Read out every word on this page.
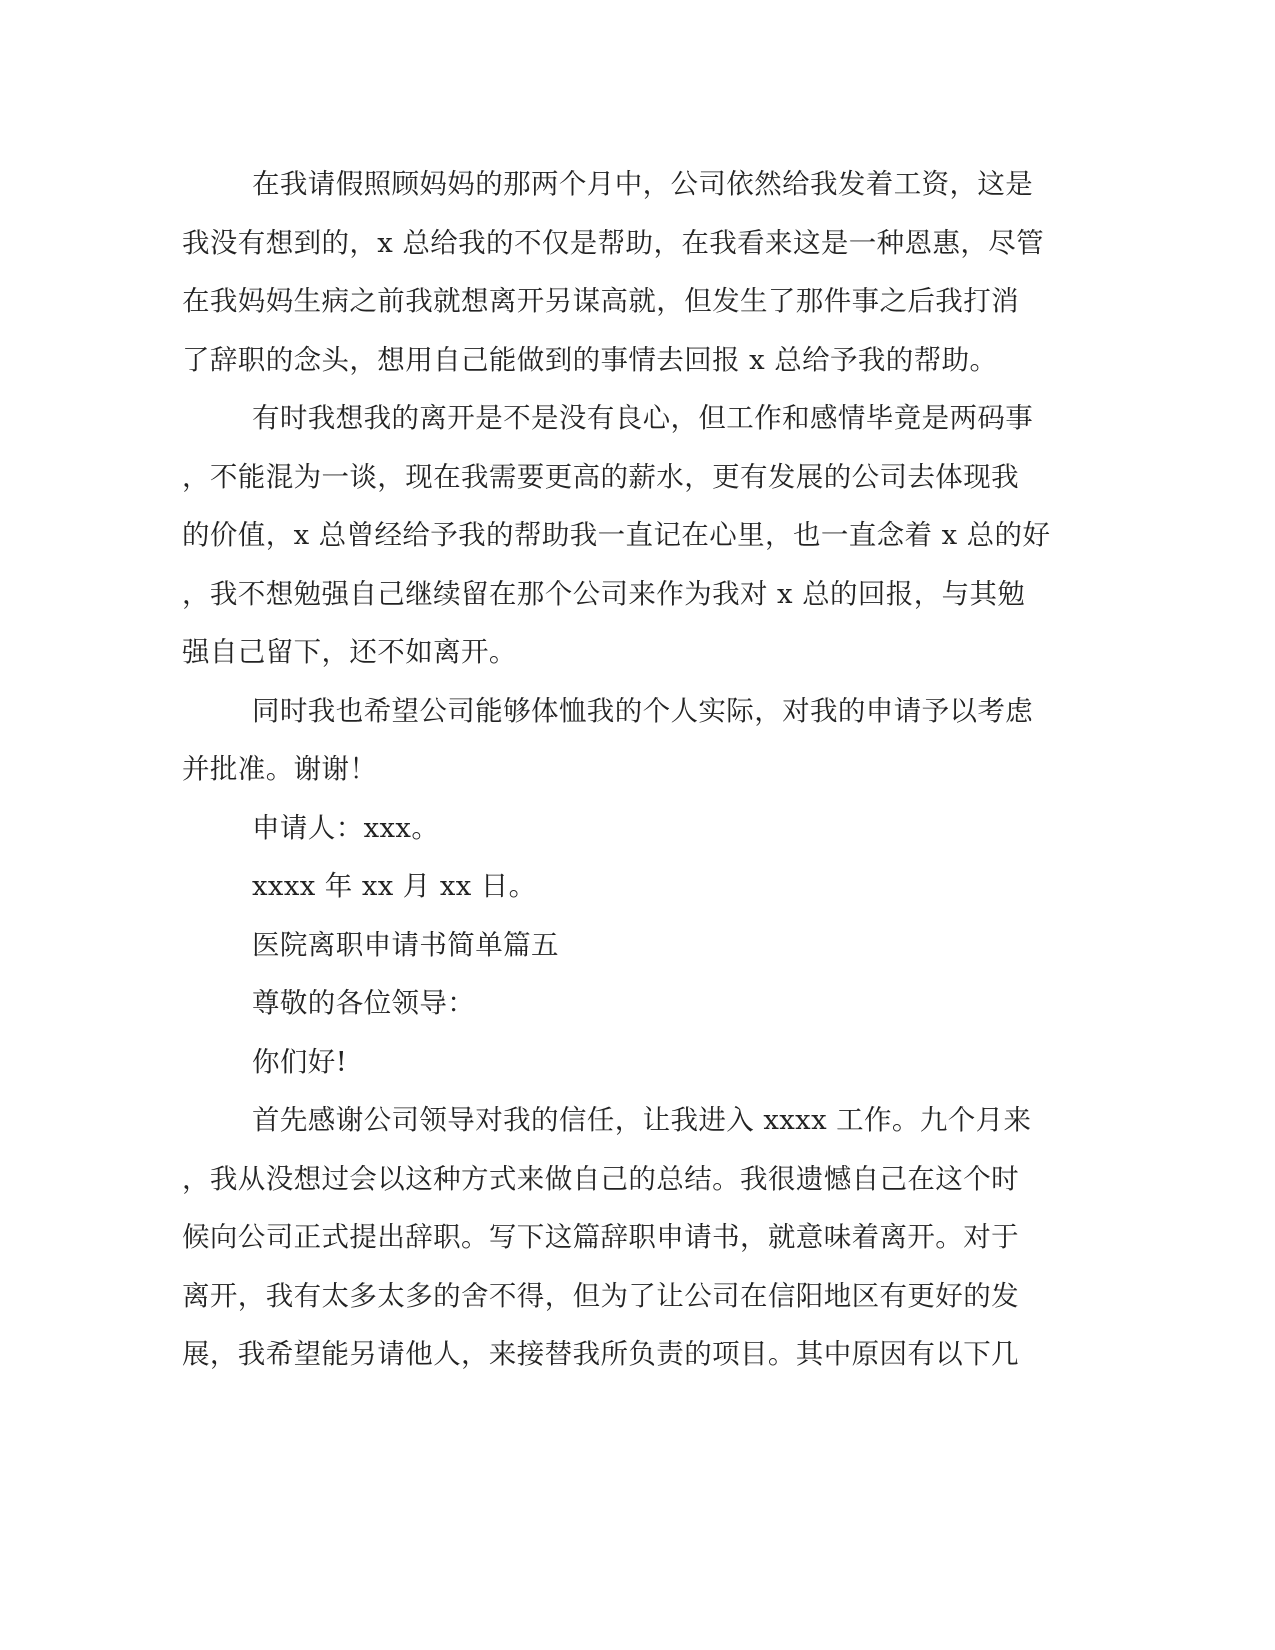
在我请假照顾妈妈的那两个月中，公司依然给我发着工资，这是
我没有想到的，x 总给我的不仅是帮助，在我看来这是一种恩惠，尽管
在我妈妈生病之前我就想离开另谋高就，但发生了那件事之后我打消
了辞职的念头，想用自己能做到的事情去回报 x 总给予我的帮助。
有时我想我的离开是不是没有良心，但工作和感情毕竟是两码事
，不能混为一谈，现在我需要更高的薪水，更有发展的公司去体现我
的价值，x 总曾经给予我的帮助我一直记在心里，也一直念着 x 总的好
，我不想勉强自己继续留在那个公司来作为我对 x 总的回报，与其勉
强自己留下，还不如离开。
同时我也希望公司能够体恤我的个人实际，对我的申请予以考虑
并批准。谢谢！
申请人：xxx。
xxxx 年 xx 月 xx 日。
医院离职申请书简单篇五
尊敬的各位领导：
你们好!
首先感谢公司领导对我的信任，让我进入 xxxx 工作。九个月来
，我从没想过会以这种方式来做自己的总结。我很遗憾自己在这个时
候向公司正式提出辞职。写下这篇辞职申请书，就意味着离开。对于
离开，我有太多太多的舍不得，但为了让公司在信阳地区有更好的发
展，我希望能另请他人，来接替我所负责的项目。其中原因有以下几
